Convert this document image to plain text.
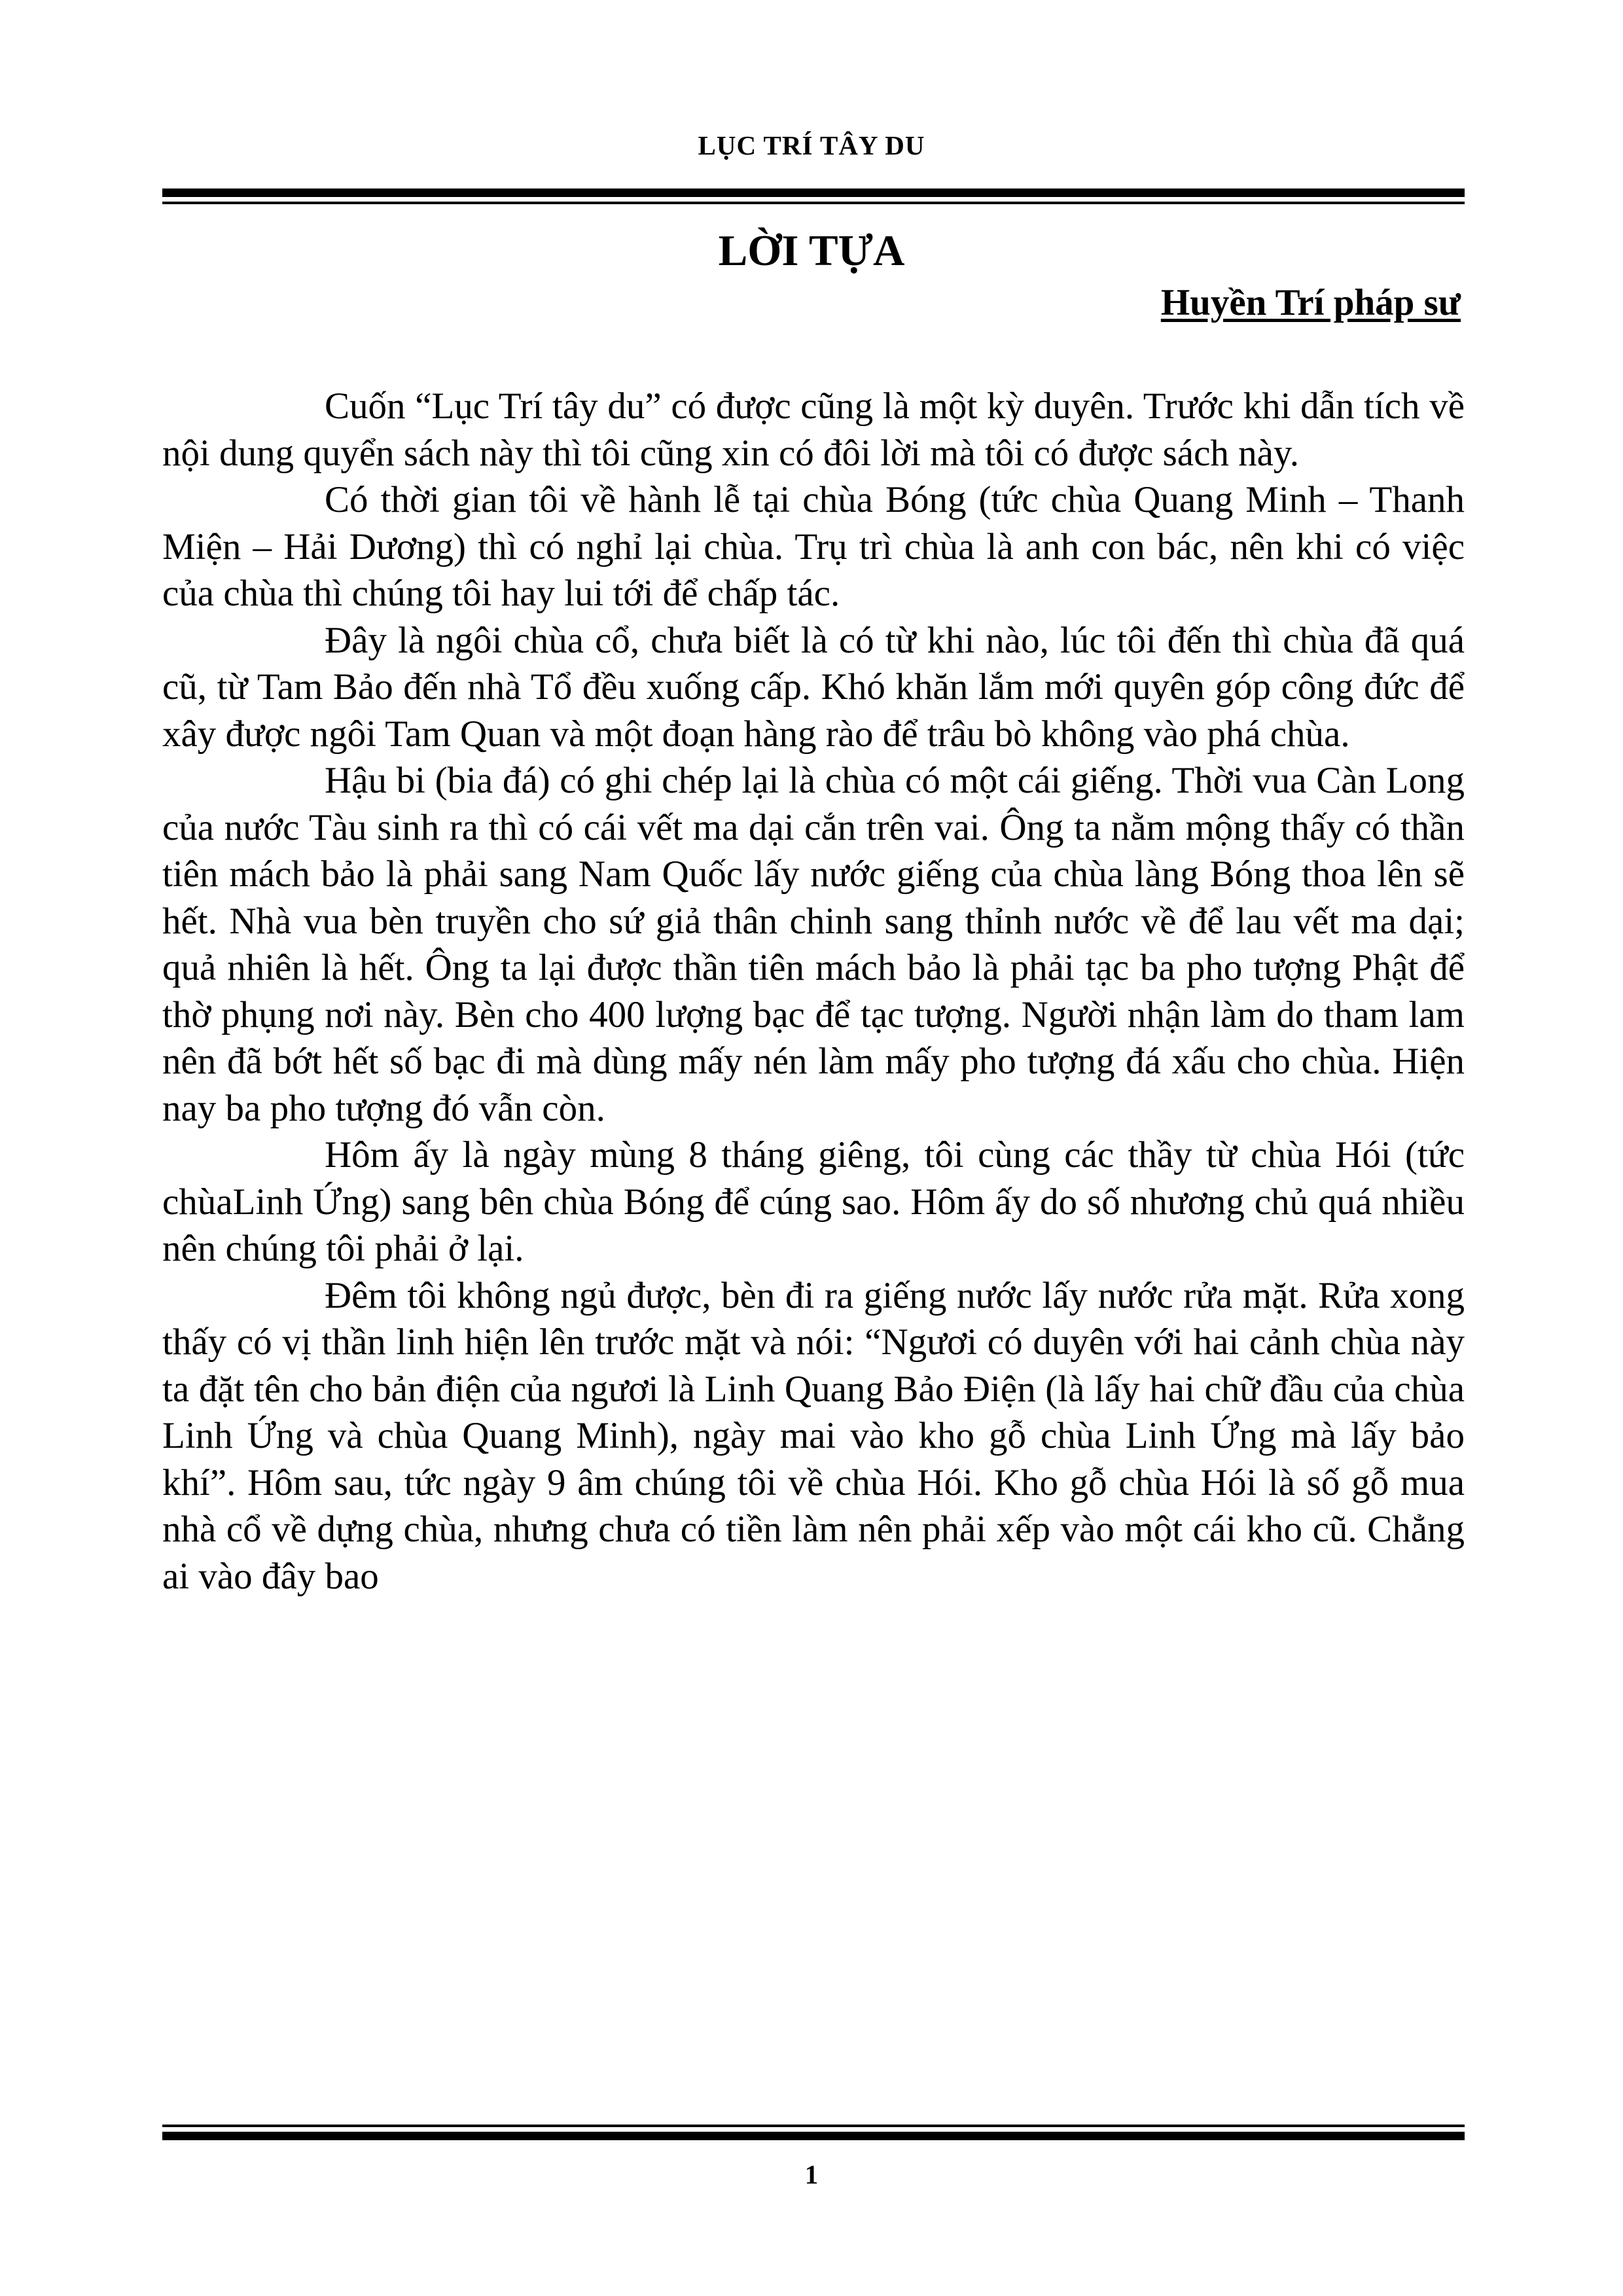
LỤC TRÍ TÂY DU
LỜI TỰA
Huyền Trí pháp sư

Cuốn “Lục Trí tây du” có được cũng là một kỳ duyên. Trước khi dẫn tích về nội dung quyển sách này thì tôi cũng xin có đôi lời mà tôi có được sách này.

Có thời gian tôi về hành lễ tại chùa Bóng (tức chùa Quang Minh – Thanh Miện – Hải Dương) thì có nghỉ lại chùa. Trụ trì chùa là anh con bác, nên khi có việc của chùa thì chúng tôi hay lui tới để chấp tác.

Đây là ngôi chùa cổ, chưa biết là có từ khi nào, lúc tôi đến thì chùa đã quá cũ, từ Tam Bảo đến nhà Tổ đều xuống cấp. Khó khăn lắm mới quyên góp công đức để xây được ngôi Tam Quan và một đoạn hàng rào để trâu bò không vào phá chùa.

Hậu bi (bia đá) có ghi chép lại là chùa có một cái giếng. Thời vua Càn Long của nước Tàu sinh ra thì có cái vết ma dại cắn trên vai. Ông ta nằm mộng thấy có thần tiên mách bảo là phải sang Nam Quốc lấy nước giếng của chùa làng Bóng thoa lên sẽ hết. Nhà vua bèn truyền cho sứ giả thân chinh sang thỉnh nước về để lau vết ma dại; quả nhiên là hết. Ông ta lại được thần tiên mách bảo là phải tạc ba pho tượng Phật để thờ phụng nơi này. Bèn cho 400 lượng bạc để tạc tượng. Người nhận làm do tham lam nên đã bớt hết số bạc đi mà dùng mấy nén làm mấy pho tượng đá xấu cho chùa. Hiện nay ba pho tượng đó vẫn còn.

Hôm ấy là ngày mùng 8 tháng giêng, tôi cùng các thầy từ chùa Hói (tức chùaLinh Ứng) sang bên chùa Bóng để cúng sao. Hôm ấy do số nhương chủ quá nhiều nên chúng tôi phải ở lại.

Đêm tôi không ngủ được, bèn đi ra giếng nước lấy nước rửa mặt. Rửa xong thấy có vị thần linh hiện lên trước mặt và nói: “Ngươi có duyên với hai cảnh chùa này ta đặt tên cho bản điện của ngươi là Linh Quang Bảo Điện (là lấy hai chữ đầu của chùa Linh Ứng và chùa Quang Minh), ngày mai vào kho gỗ chùa Linh Ứng mà lấy bảo khí”. Hôm sau, tức ngày 9 âm chúng tôi về chùa Hói. Kho gỗ chùa Hói là số gỗ mua nhà cổ về dựng chùa, nhưng chưa có tiền làm nên phải xếp vào một cái kho cũ. Chẳng ai vào đây bao

1
